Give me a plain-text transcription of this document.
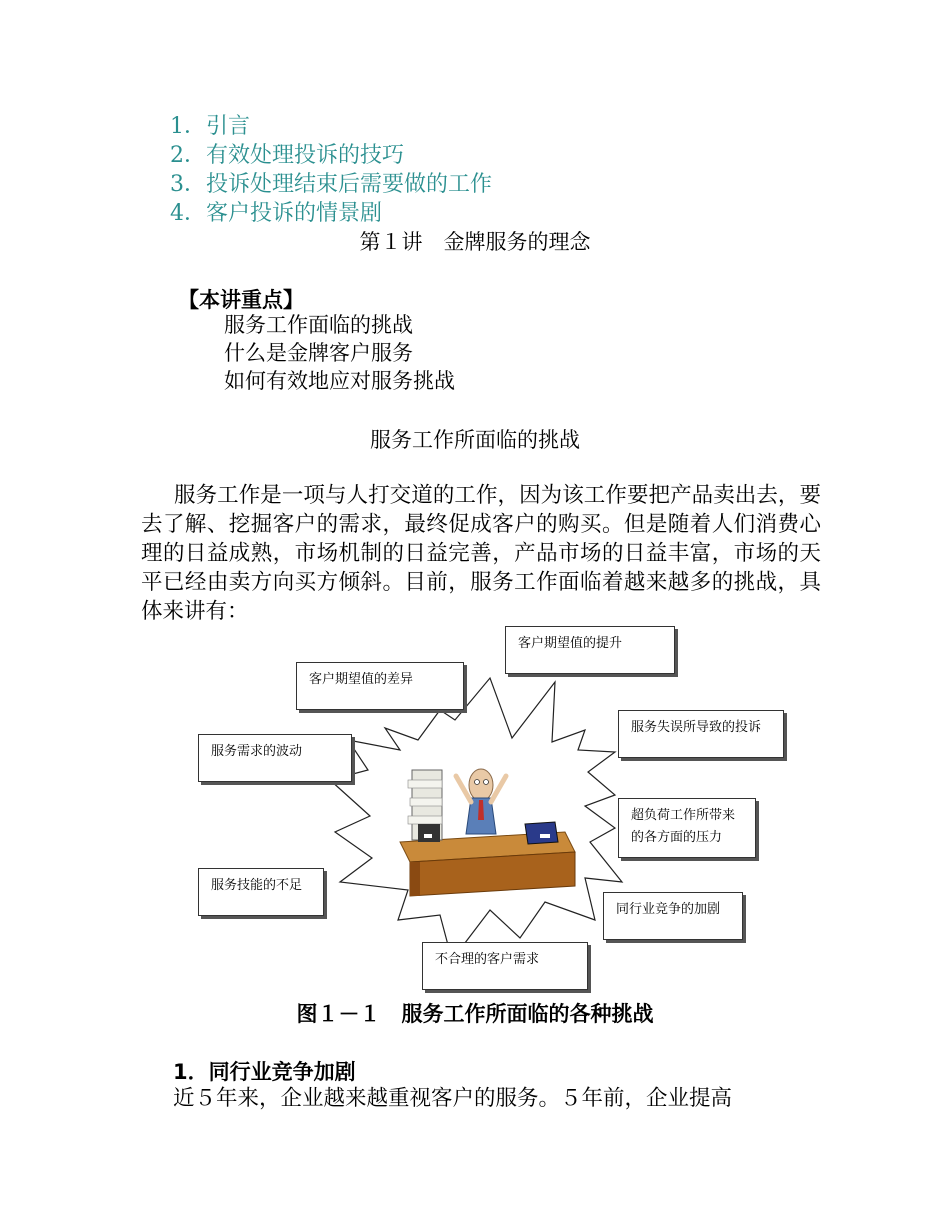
1．引言
2．有效处理投诉的技巧
3．投诉处理结束后需要做的工作
4．客户投诉的情景剧
第１讲　金牌服务的理念
【本讲重点】
服务工作面临的挑战
什么是金牌客户服务
如何有效地应对服务挑战
服务工作所面临的挑战

服务工作是一项与人打交道的工作，因为该工作要把产品卖出去，要去了解、挖掘客户的需求，最终促成客户的购买。但是随着人们消费心理的日益成熟，市场机制的日益完善，产品市场的日益丰富，市场的天平已经由卖方向买方倾斜。目前，服务工作面临着越来越多的挑战，具体来讲有：

客户期望值的提升
客户期望值的差异
服务失误所导致的投诉
服务需求的波动
超负荷工作所带来
的各方面的压力
服务技能的不足
同行业竞争的加剧
不合理的客户需求
图１－１　服务工作所面临的各种挑战
1．同行业竞争加剧

近５年来，企业越来越重视客户的服务。５年前，企业提高
